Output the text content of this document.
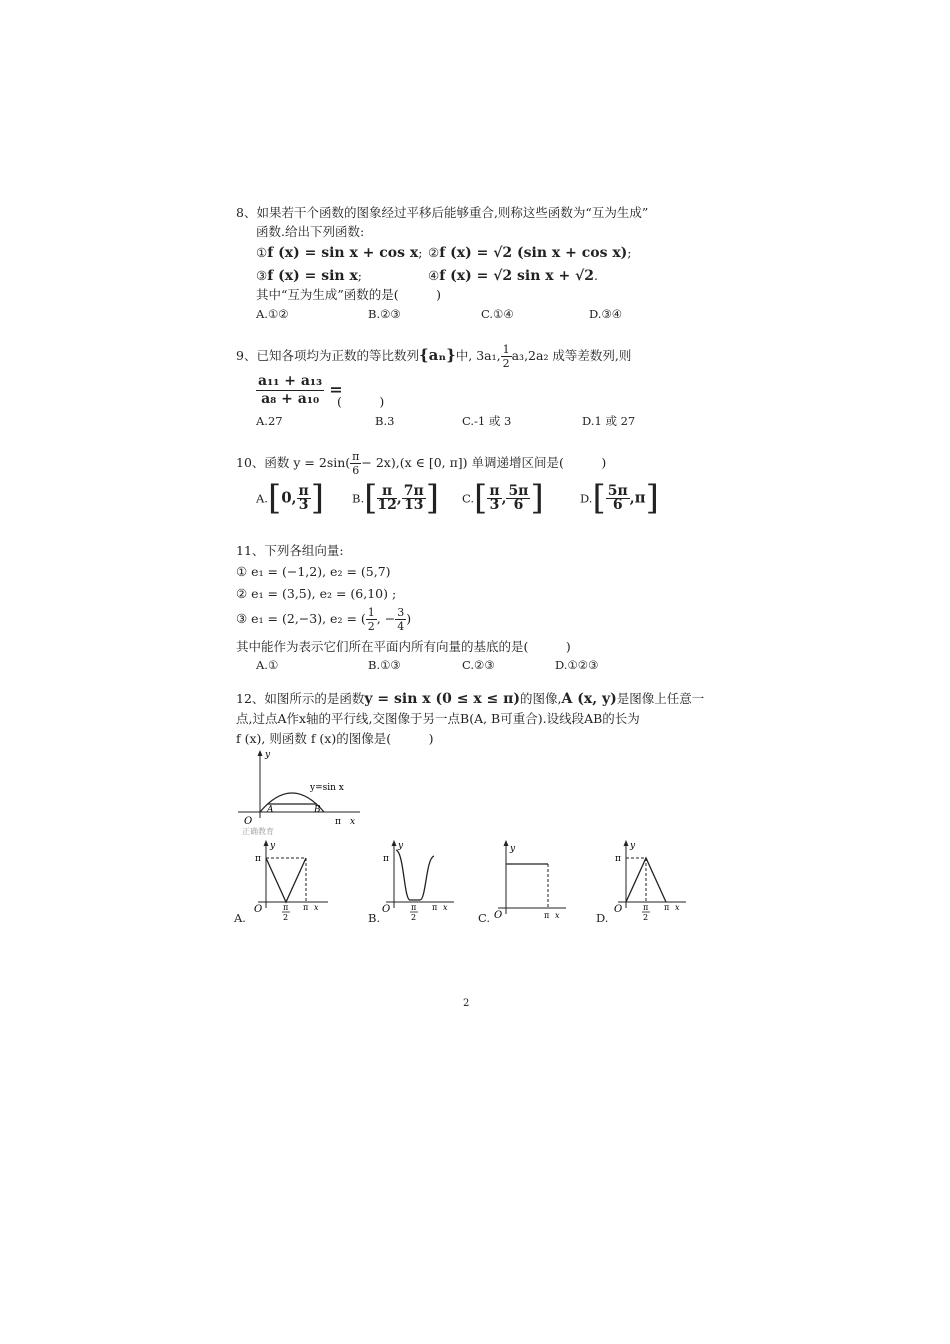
8、如果若干个函数的图象经过平移后能够重合,则称这些函数为“互为生成”
函数.给出下列函数:
①f (x) = sin x + cos x; ②f (x) = √2 (sin x + cos x);
③f (x) = sin x;	④f (x) = √2 sin x + √2.
其中“互为生成”函数的是(　　　)
A.①②	B.②③	C.①④	D.③④
9、已知各项均为正数的等比数列{aₙ}中, 3a₁, $\frac{1}{2} a_3,2a_2$ 成等差数列,则
$\frac{\text{a₁₁ + a₁₃}}{\text{a₈ + a₁₀}}$ =
(　　　)
A.27	B.3	C.-1 或 3	D.1 或 27
10、函数 $y = 2\sin( \frac{\pi}{6} - 2x),(x$ ∈ [0, π]) 单调递增区间是(　　　)
A.[0, $\frac{\pi}{3}$ ] $B.[ \frac{\pi}{12}$ , $\frac{7\pi}{13}$ ] $C.[ \frac{\pi}{3}$ , $\frac{5\pi}{6}$ ]	$D.[ \frac{5\pi}{6} ,\pi]$
11、下列各组向量:
① e₁ = (−1,2), e₂ = (5,7)
② e₁ = (3,5), e₂ = (6,10) ;
③ e₁ = (2,−3), e₂ = ( $\frac{1}{2}$ , − $\frac{3}{4}$ )
其中能作为表示它们所在平面内所有向量的基底的是(　　　)
A.①	B.①③	C.②③	D.①②③
12、如图所示的是函数y = sin x (0 ≤ x ≤ π)的图像,A (x, y)是图像上任意一
点,过点A作x轴的平行线,交图像于另一点B(A, B可重合).设线段AB的长为
f (x), 则函数 f (x)的图像是(　　　)
y
y=sin x
A	B
O	π x
正确教育
y
π
O	π
2
π x
A.
y
π
O	π
2
π x
B.
y
O	π x
C.
y
π
O	π
2
π x
D.
2
